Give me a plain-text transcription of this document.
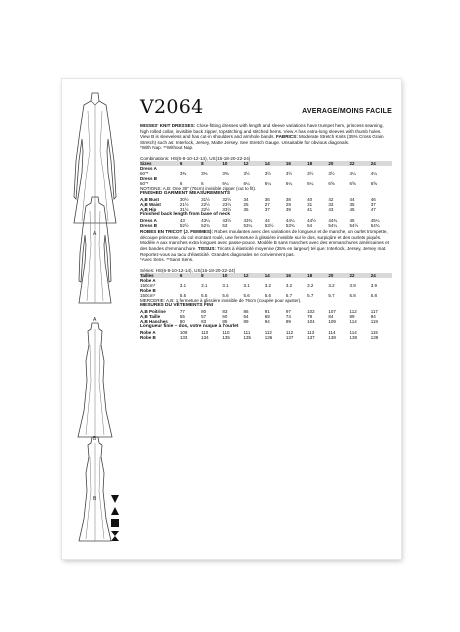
A
A
B
B
V2064	AVERAGE/MOINS FACILE
MISSES' KNIT DRESSES: Close-fitting dresses with length and sleeve variations have trumpet hem, princess seaming, high rolled collar, invisible back zipper, topstitching and stitched hems. View A has extra-long sleeves with thumb holes. View B is sleeveless and has cut-in shoulders and armhole bands. FABRICS: Moderate Stretch Knits (35% Cross Grain Stretch) such as: Interlock, Jersey, Matte Jersey. See Stretch Gauge. Unsuitable for obvious diagonals.
*With Nap. **Without Nap.
Combinations: HS(6-8-10-12-14), US(16-18-20-22-24)
Sizes	6	8	10	12	14	16	18	20	22	24
Dress A										
60"*	3⅜	3⅜	3⅜	3½	3½	3½	3½	3½	4¼	4¼
Dress B										
60"*	6	6	6¼	6¼	6¼	6¼	6¼	6⅝	6⅝	6⅝
NOTIONS: A,B: One 30" (76cm) invisible zipper (cut to fit).
FINISHED GARMENT MEASUREMENTS
A,B Bust	30½	31½	32½	34	36	38	40	42	44	46
A,B Waist	21½	22½	23½	25	27	29	31	33	35	37
A,B Hip	31½	32½	33½	35	37	39	41	43	45	47
Finished back length from base of neck
Dress A	43	43¼	43½	43¾	44	44¼	44½	44¾	45	45¼
Dress B	52½	52¾	53	53¼	53½	53¾	54	54¼	54½	54¾
ROBES EN TRICOT (J. FEMMES): Robes moulantes avec des variations de longueur et de manche, un ourlet trompette, découpe princesse, du col montant roulé, une fermeture à glissière invisible sur le dos, surpiqûre et des ourlets piqués. Modèle A aux manches extra longues avec passe-pouce. Modèle B sans manches avec des emmanchures américaines et des bandes d'emmanchure. TISSUS: Tricots à élasticité moyenne (35% en largeur) tel que: Interlock, Jersey, Jersey mat. Reportez-vous au tacu d'élasticité. Grandes diagonales ne conviennent pas.
*Avec Sens. **Sans Sens.
Séries: HS(6-8-10-12-14), US(16-18-20-22-24)
Tailles	6	8	10	12	14	16	18	20	22	24
Robe A										
150cm*	3.1	3.1	3.1	3.1	3.2	3.2	3.2	3.2	3.9	3.9
Robe B										
150cm*	5.5	5.5	5.6	5.6	5.6	5.7	5.7	5.7	5.8	5.8
MERCERIE: A,B: 1 fermeture à glissière invisible de 76cm (coupée pour ajuster).
MESURES DU VÊTEMENTS FINI
A,B Poitrine	77	80	83	86	91	97	102	107	112	117
A,B Taille	55	57	60	64	69	74	79	84	89	94
A,B Hanches	80	83	85	89	94	99	104	109	114	119
Longueur finie – dos, votre nuque à l'ourlet
Robe A	109	110	110	111	112	112	113	114	114	115
Robe B	133	134	135	135	136	137	137	138	138	139
